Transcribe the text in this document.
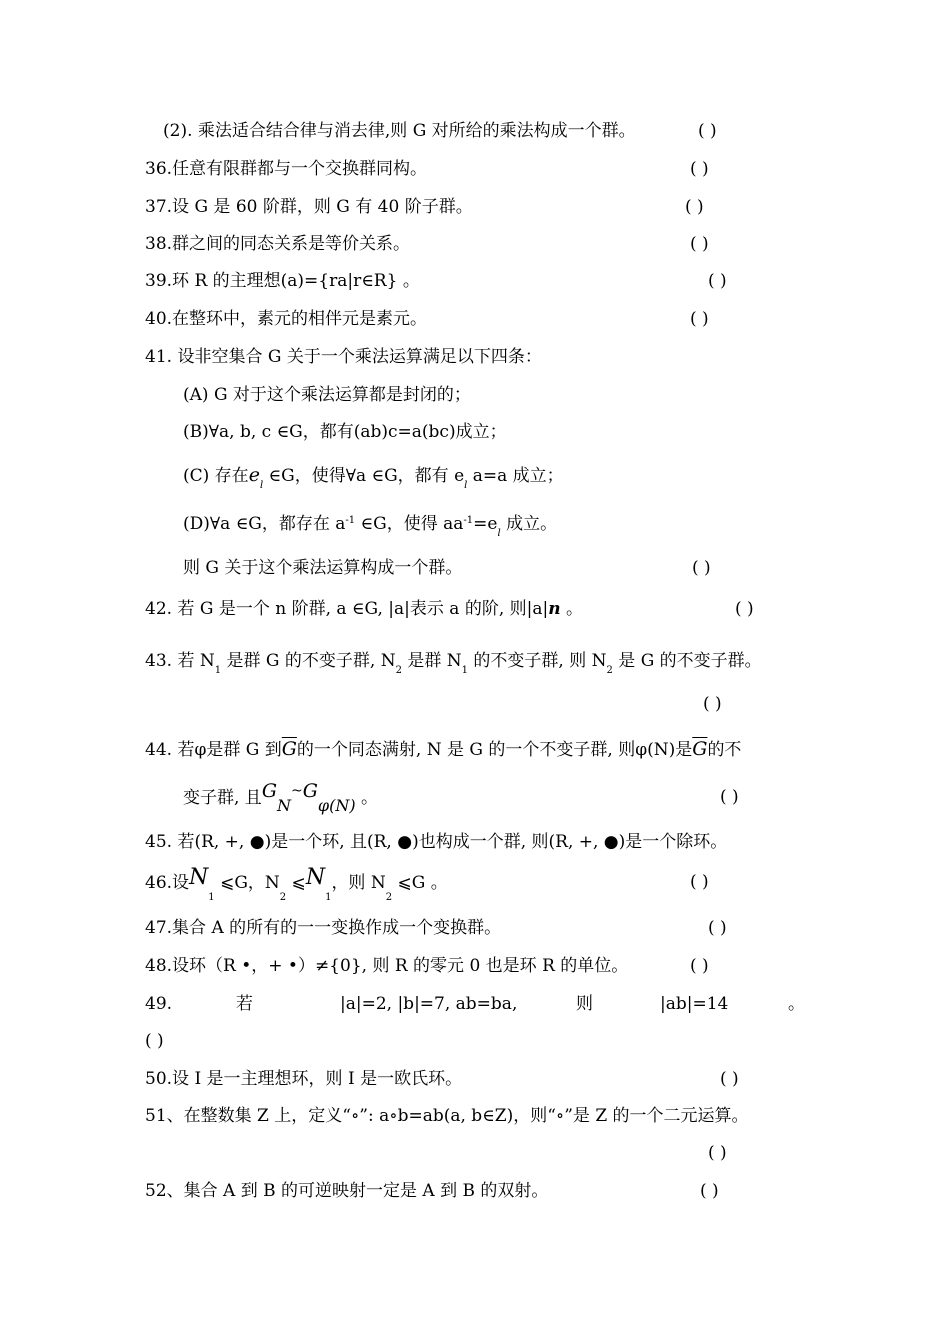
(2). 乘法适合结合律与消去律,则 G 对所给的乘法构成一个群。	( )
36.任意有限群都与一个交换群同构。	( )
37.设 G 是 60 阶群，则 G 有 40 阶子群。	( )
38.群之间的同态关系是等价关系。	( )
39.环 R 的主理想(a)={ra|r∈R} 。	( )
40.在整环中，素元的相伴元是素元。	( )
41. 设非空集合 G 关于一个乘法运算满足以下四条：
(A) G 对于这个乘法运算都是封闭的；
(B)∀a, b, c ∈G，都有(ab)c=a(bc)成立；
(C) 存在$e_l$ ∈G，使得∀a ∈G，都有 $e_l$ a=a 成立；
(D)∀a ∈G，都存在 $a^{-1}$ ∈G，使得 $aa^{-1}=e_l$ 成立。
则 G 关于这个乘法运算构成一个群。	( )
42. 若 G 是一个 n 阶群, a ∈G, |a|表示 a 的阶, 则|a|n 。	( )
43. 若 $N_1$ 是群 G 的不变子群, $N_2$ 是群 $N_1$ 的不变子群, 则 $N_2$ 是 G 的不变子群。
( )
44. 若φ是群 G 到$\overline{G}$的一个同态满射, N 是 G 的一个不变子群, 则φ(N)是$\overline{G}$的不
变子群, 且GN~Gφ(N) 。	( )
45. 若(R, +, ●)是一个环, 且(R, ●)也构成一个群, 则(R, +, ●)是一个除环。
46.设$N_1$ ⩽G，$N_2$ $⩽N_1$，则 $N_2$ ⩽G 。	( )
47.集合 A 的所有的一一变换作成一个变换群。	( )
48.设环（R •，+ •）≠{0}, 则 R 的零元 0 也是环 R 的单位。	( )
49.	若	|a|=2, |b|=7, ab=ba,	则	|ab|=14	。
( )
50.设 I 是一主理想环，则 I 是一欧氏环。	( )
51、在整数集 Z 上，定义“∘”: a∘b=ab(a, b∈Z)，则“∘”是 Z 的一个二元运算。
( )
52、集合 A 到 B 的可逆映射一定是 A 到 B 的双射。	( )
